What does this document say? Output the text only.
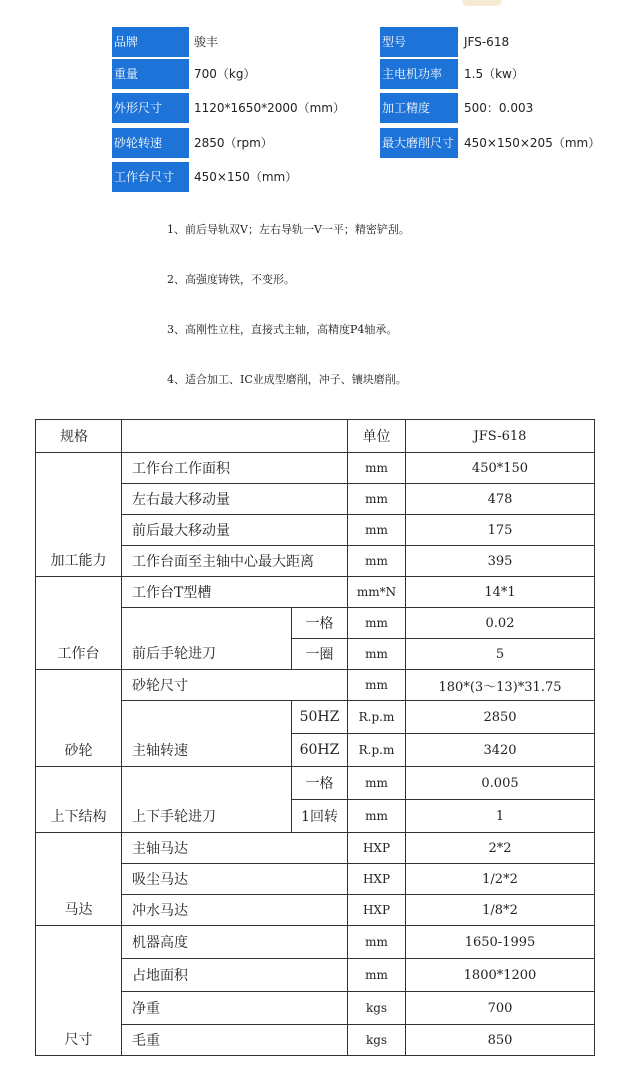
品牌	骏丰	型号	JFS-618
重量	700（kg）	主电机功率	1.5（kw）
外形尺寸	1120*1650*2000（mm）	加工精度	500：0.003
砂轮转速	2850（rpm）	最大磨削尺寸 450×150×205（mm）
工作台尺寸	450×150（mm）
1、前后导轨双V；左右导轨一V一平；精密铲刮。
2、高强度铸铁，不变形。
3、高刚性立柱，直接式主轴，高精度P4轴承。
4、适合加工、IC业成型磨削，冲子、镶块磨削。
规格			单位	JFS-618
加工能力	工作台工作面积		mm	450*150
	左右最大移动量		mm	478
	前后最大移动量		mm	175
	工作台面至主轴中心最大距离		mm	395
工作台	工作台T型槽		mm*N	14*1
	前后手轮进刀	一格	mm	0.02
		一圈	mm	5
砂轮	砂轮尺寸		mm	180*(3～13)*31.75
	主轴转速	50HZ	R.p.m	2850
		60HZ	R.p.m	3420
上下结构	上下手轮进刀	一格	mm	0.005
		1回转	mm	1
马达	主轴马达		HXP	2*2
	吸尘马达		HXP	1/2*2
	冲水马达		HXP	1/8*2
尺寸	机器高度		mm	1650-1995
	占地面积		mm	1800*1200
	净重		kgs	700
	毛重		kgs	850
